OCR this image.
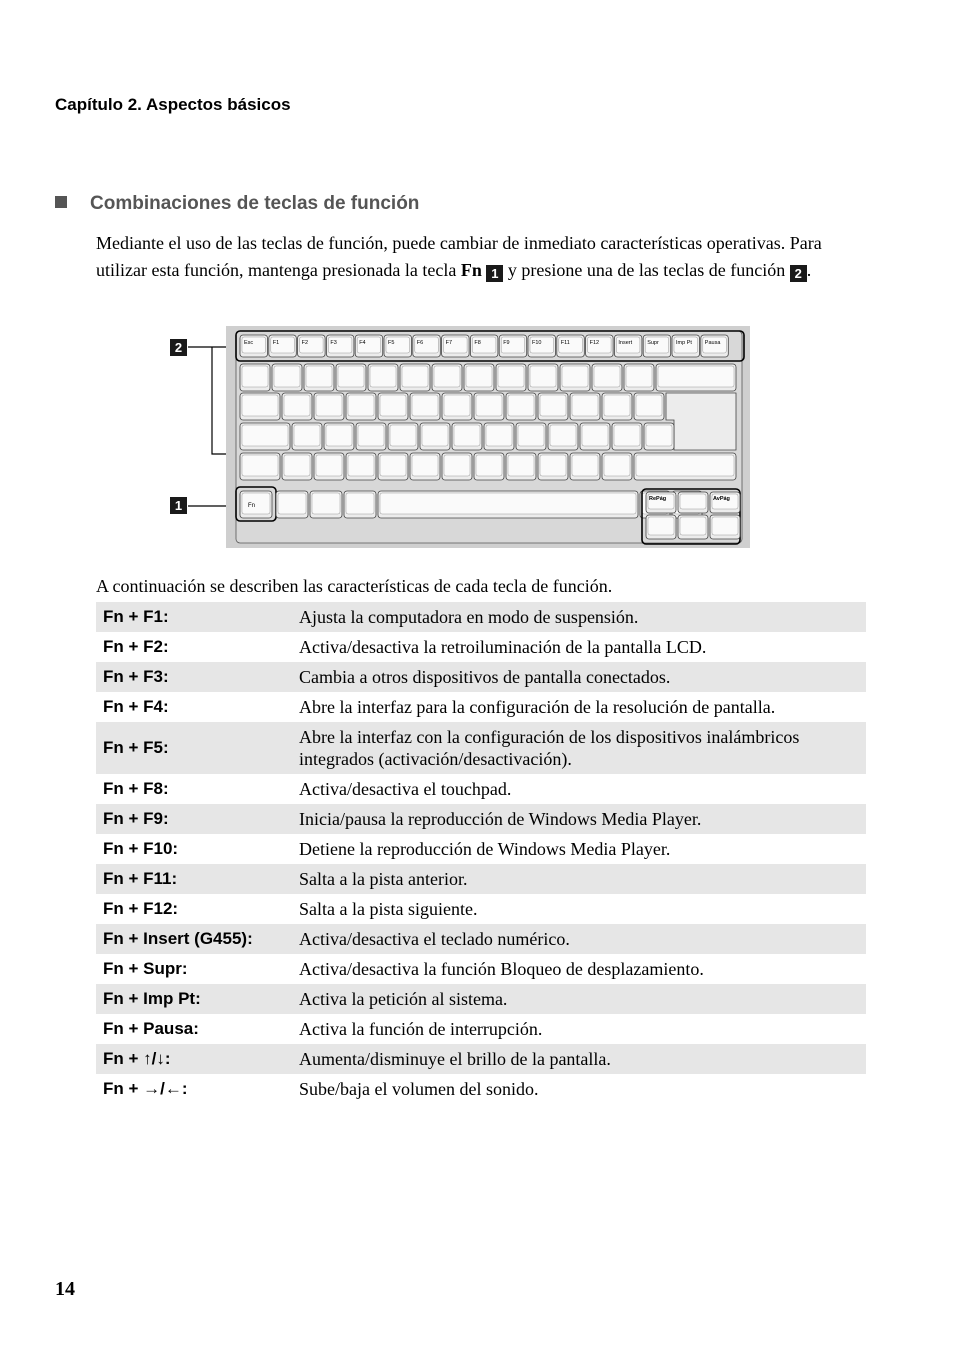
Capítulo 2. Aspectos básicos
Combinaciones de teclas de función
Mediante el uso de las teclas de función, puede cambiar de inmediato características operativas. Para utilizar esta función, mantenga presionada la tecla Fn 1 y presione una de las teclas de función 2 .
2
1
Esc	F1	F2	F3	F4	F5	F6	F7	F8	F9	F10	F11	F12	Insert	Supr	Imp Pt Pausa
Fn
RePág	AvPág
A continuación se describen las características de cada tecla de función.
Fn + F1:	Ajusta la computadora en modo de suspensión.
Fn + F2:	Activa/desactiva la retroiluminación de la pantalla LCD.
Fn + F3:	Cambia a otros dispositivos de pantalla conectados.
Fn + F4:	Abre la interfaz para la configuración de la resolución de pantalla.
Fn + F5:	Abre la interfaz con la configuración de los dispositivos inalámbricos integrados (activación/desactivación).
Fn + F8:	Activa/desactiva el touchpad.
Fn + F9:	Inicia/pausa la reproducción de Windows Media Player.
Fn + F10:	Detiene la reproducción de Windows Media Player.
Fn + F11:	Salta a la pista anterior.
Fn + F12:	Salta a la pista siguiente.
Fn + Insert (G455):	Activa/desactiva el teclado numérico.
Fn + Supr:	Activa/desactiva la función Bloqueo de desplazamiento.
Fn + Imp Pt:	Activa la petición al sistema.
Fn + Pausa:	Activa la función de interrupción.
Fn + ↑/↓:	Aumenta/disminuye el brillo de la pantalla.
Fn + →/←:	Sube/baja el volumen del sonido.
14
